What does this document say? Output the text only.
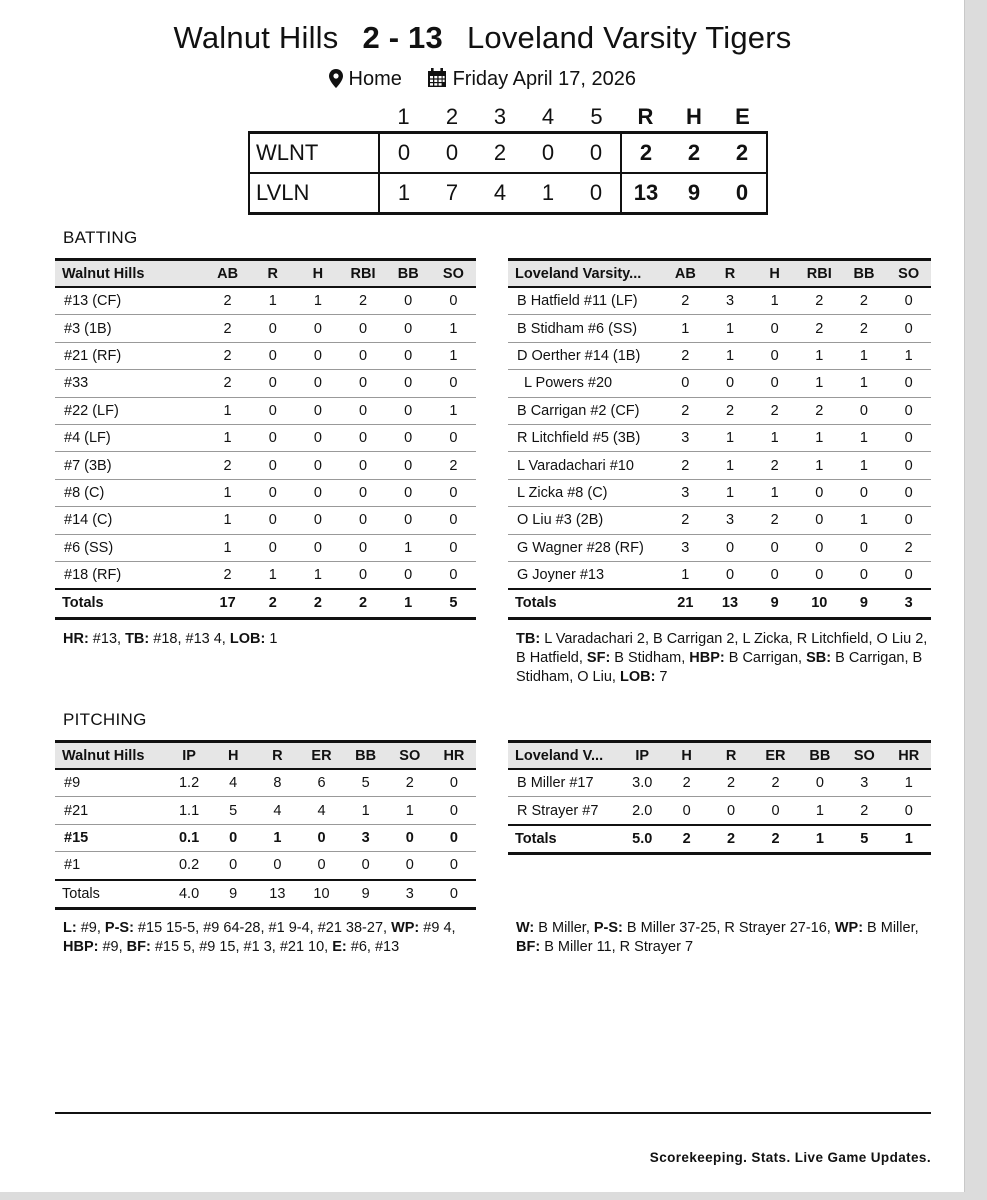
Walnut Hills 2 - 13 Loveland Varsity Tigers
Home	Friday April 17, 2026
	1	2	3	4	5	R	H	E
WLNT	0	0	2	0	0	2	2	2
LVLN	1	7	4	1	0	13	9	0
BATTING
Walnut Hills	AB	R	H	RBI	BB	SO
#13 (CF)	2	1	1	2	0	0
#3 (1B)	2	0	0	0	0	1
#21 (RF)	2	0	0	0	0	1
#33	2	0	0	0	0	0
#22 (LF)	1	0	0	0	0	1
#4 (LF)	1	0	0	0	0	0
#7 (3B)	2	0	0	0	0	2
#8 (C)	1	0	0	0	0	0
#14 (C)	1	0	0	0	0	0
#6 (SS)	1	0	0	0	1	0
#18 (RF)	2	1	1	0	0	0
Totals	17	2	2	2	1	5
Loveland Varsity...	AB	R	H	RBI	BB	SO
B Hatfield #11 (LF)	2	3	1	2	2	0
B Stidham #6 (SS)	1	1	0	2	2	0
D Oerther #14 (1B)	2	1	0	1	1	1
L Powers #20	0	0	0	1	1	0
B Carrigan #2 (CF)	2	2	2	2	0	0
R Litchfield #5 (3B)	3	1	1	1	1	0
L Varadachari #10	2	1	2	1	1	0
L Zicka #8 (C)	3	1	1	0	0	0
O Liu #3 (2B)	2	3	2	0	1	0
G Wagner #28 (RF)	3	0	0	0	0	2
G Joyner #13	1	0	0	0	0	0
Totals	21	13	9	10	9	3
HR: #13, TB: #18, #13 4, LOB: 1	TB: L Varadachari 2, B Carrigan 2, L Zicka, R Litchfield, O Liu 2, B Hatfield, SF: B Stidham, HBP: B Carrigan, SB: B Carrigan, B Stidham, O Liu, LOB: 7
PITCHING
Walnut Hills	IP	H	R	ER	BB	SO	HR
#9	1.2	4	8	6	5	2	0
#21	1.1	5	4	4	1	1	0
#15	0.1	0	1	0	3	0	0
#1	0.2	0	0	0	0	0	0
Totals	4.0	9	13	10	9	3	0
Loveland V...	IP	H	R	ER	BB	SO	HR
B Miller #17	3.0	2	2	2	0	3	1
R Strayer #7	2.0	0	0	0	1	2	0
Totals	5.0	2	2	2	1	5	1
L: #9, P-S: #15 15-5, #9 64-28, #1 9-4, #21 38-27, WP: #9 4, HBP: #9, BF: #15 5, #9 15, #1 3, #21 10, E: #6, #13
W: B Miller, P-S: B Miller 37-25, R Strayer 27-16, WP: B Miller, BF: B Miller 11, R Strayer 7
Scorekeeping. Stats. Live Game Updates.
